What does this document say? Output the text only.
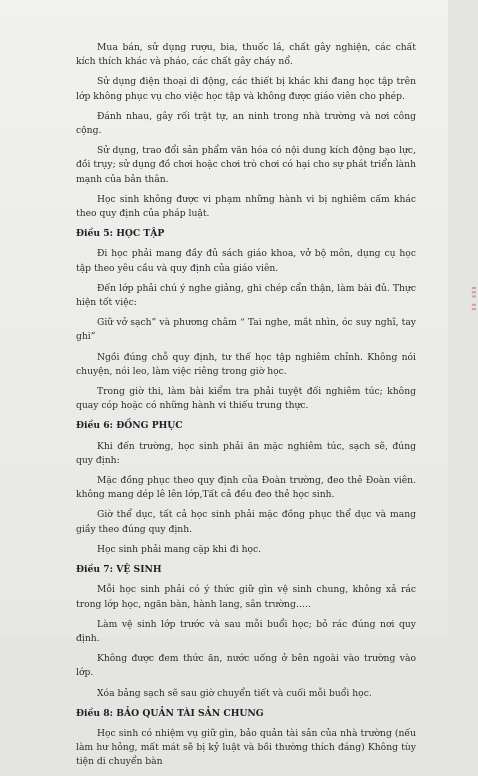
Mua bán, sử dụng rượu, bia, thuốc lá, chất gây nghiện, các chất kích thích khác và pháo, các chất gây cháy nổ.
Sử dụng điện thoại di động, các thiết bị khác khi đang học tập trên lớp không phục vụ cho việc học tập và không được giáo viên cho phép.
Đánh nhau, gây rối trật tự, an ninh trong nhà trường và nơi công cộng.
Sử dụng, trao đổi sản phẩm văn hóa có nội dung kích động bạo lực, đồi trụy; sử dụng đồ chơi hoặc chơi trò chơi có hại cho sự phát triển lành mạnh của bản thân.
Học sinh không được vi phạm những hành vi bị nghiêm cấm khác theo quy định của pháp luật.
Điều 5: HỌC TẬP
Đi học phải mang đầy đủ sách giáo khoa, vở bộ môn, dụng cụ học tập theo yêu cầu và quy định của giáo viên.
Đến lớp phải chú ý nghe giảng, ghi chép cẩn thận, làm bài đủ. Thực hiện tốt việc:
Giữ vở sạch” và phương châm “ Tai nghe, mắt nhìn, óc suy nghĩ, tay ghi”
Ngồi đúng chỗ quy định, tư thế học tập nghiêm chỉnh. Không nói chuyện, nói leo, làm việc riêng trong giờ học.
Trong giờ thi, làm bài kiểm tra phải tuyệt đối nghiêm túc; không quay cóp hoặc có những hành vi thiếu trung thực.
Điều 6: ĐỒNG PHỤC
Khi đến trường, học sinh phải ăn mặc nghiêm túc, sạch sẽ, đúng quy định:
Mặc đồng phục theo quy định của Đoàn trường, đeo thẻ Đoàn viên. không mang dép lê lên lớp,Tất cả đều đeo thẻ học sinh.
Giờ thể dục, tất cả học sinh phải mặc đồng phục thể dục và mang giầy theo đúng quy định.
Học sinh phải mang cặp khi đi học.
Điều 7: VỆ SINH
Mỗi học sinh phải có ý thức giữ gìn vệ sinh chung, không xả rác trong lớp học, ngăn bàn, hành lang, sân trường…..
Làm vệ sinh lớp trước và sau mỗi buổi học; bỏ rác đúng nơi quy định.
Không được đem thức ăn, nước uống ở bên ngoài vào trường vào lớp.
Xóa bảng sạch sẽ sau giờ chuyển tiết và cuối mỗi buổi học.
Điều 8: BẢO QUẢN TÀI SẢN CHUNG
Học sinh có nhiệm vụ giữ gìn, bảo quản tài sản của nhà trường (nếu làm hư hỏng, mất mát sẽ bị kỷ luật và bồi thường thích đáng) Không tùy tiện di chuyển bàn
▮▮▮ ▮▮
